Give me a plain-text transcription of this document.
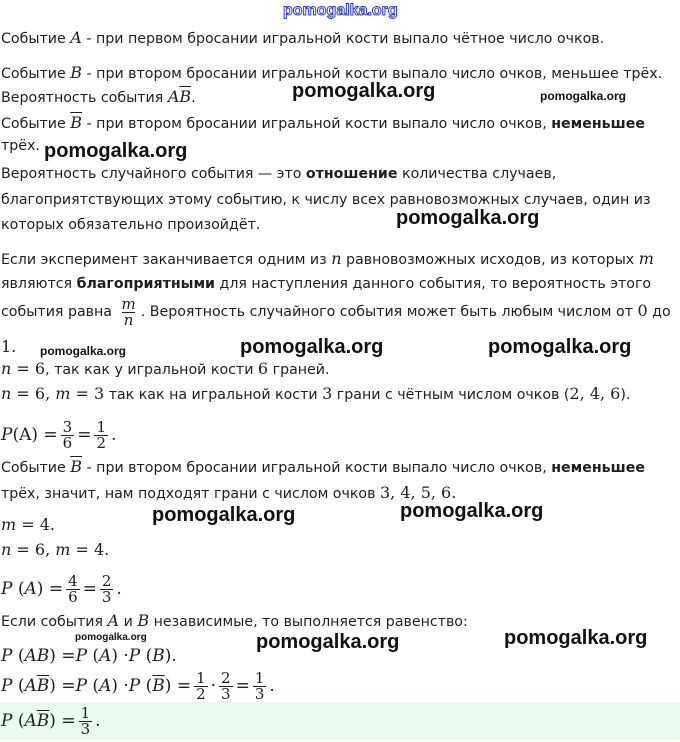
pomogalka.org
Событие A - при первом бросании игральной кости выпало чётное число очков.
Событие B - при втором бросании игральной кости выпало число очков, меньшее трёх.
Вероятность события $A\overline{B}$.
Событие $\overline{B}$ - при втором бросании игральной кости выпало число очков, неменьшее
трёх.
Вероятность случайного события — это отношение количества случаев,
благоприятствующих этому событию, к числу всех равновозможных случаев, один из
которых обязательно произойдёт.
Если эксперимент заканчивается одним из n равновозможных исходов, из которых m
являются благоприятными для наступления данного события, то вероятность этого
события равна $\frac{m}{n}$ . Вероятность случайного события может быть любым числом от 0 до
1.
n = 6, так как у игральной кости 6 граней.
n = 6, m = 3 так как на игральной кости 3 грани с чётным числом очков (2, 4, 6).
P $(A) = \frac{3}{6} = \frac{1}{2}$ .
Событие $\overline{B}$ - при втором бросании игральной кости выпало число очков, неменьшее
трёх, значит, нам подходят грани с числом очков 3, 4, 5, 6.
m = 4.
n = 6, m = 4.
P $(A) = \frac{4}{6} = \frac{2}{3}$ .
Если события A и B независимые, то выполняется равенство:
P (AB) = P (A) · P (B).
P $(A\overline{B}) = P$ (A) · P $(\overline{B}) = \frac{1}{2} \cdot \frac{2}{3} = \frac{1}{3}$ .
P $(A\overline{B}) = \frac{1}{3}$ .
pomogalka.org	pomogalka.org
pomogalka.org
pomogalka.org
pomogalka.org	pomogalka.org	pomogalka.org
pomogalka.org	pomogalka.org
pomogalka.org	pomogalka.org	pomogalka.org
